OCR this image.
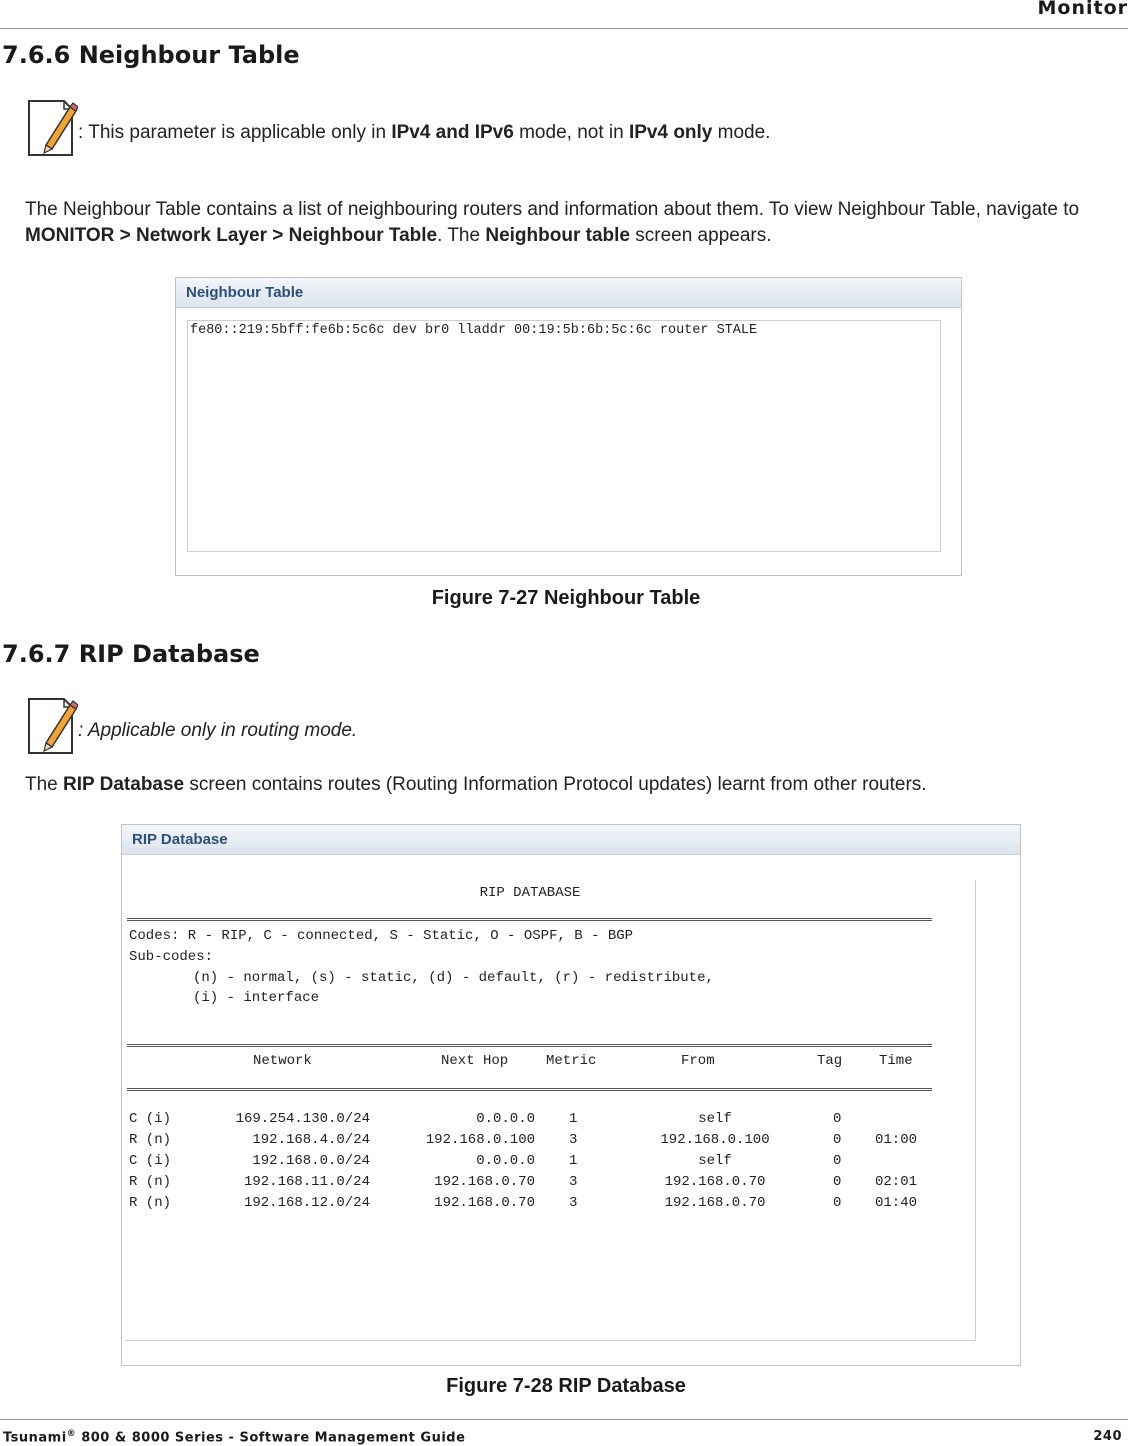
Monitor
7.6.6 Neighbour Table
: This parameter is applicable only in IPv4 and IPv6 mode, not in IPv4 only mode.
The Neighbour Table contains a list of neighbouring routers and information about them. To view Neighbour Table, navigate to MONITOR > Network Layer > Neighbour Table. The Neighbour table screen appears.
Neighbour Table
fe80::219:5bff:fe6b:5c6c dev br0 lladdr 00:19:5b:6b:5c:6c router STALE
Figure 7-27 Neighbour Table
7.6.7 RIP Database
: Applicable only in routing mode.
The RIP Database screen contains routes (Routing Information Protocol updates) learnt from other routers.
RIP Database
RIP DATABASE
Codes: R - RIP, C - connected, S - Static, O - OSPF, B - BGP
Sub-codes:
(n) - normal, (s) - static, (d) - default, (r) - redistribute,
(i) - interface
Network	Next Hop	Metric	From	Tag	Time
C (i)	169.254.130.0/24	0.0.0.0 1	self	0
R (n)	192.168.4.0/24	192.168.0.100 3	192.168.0.100	0	01:00
C (i)	192.168.0.0/24	0.0.0.0 1	self	0
R (n)	192.168.11.0/24	192.168.0.70 3	192.168.0.70	0	02:01
R (n)	192.168.12.0/24	192.168.0.70 3	192.168.0.70	0	01:40
Figure 7-28 RIP Database
Tsunami® 800 & 8000 Series - Software Management Guide	240
